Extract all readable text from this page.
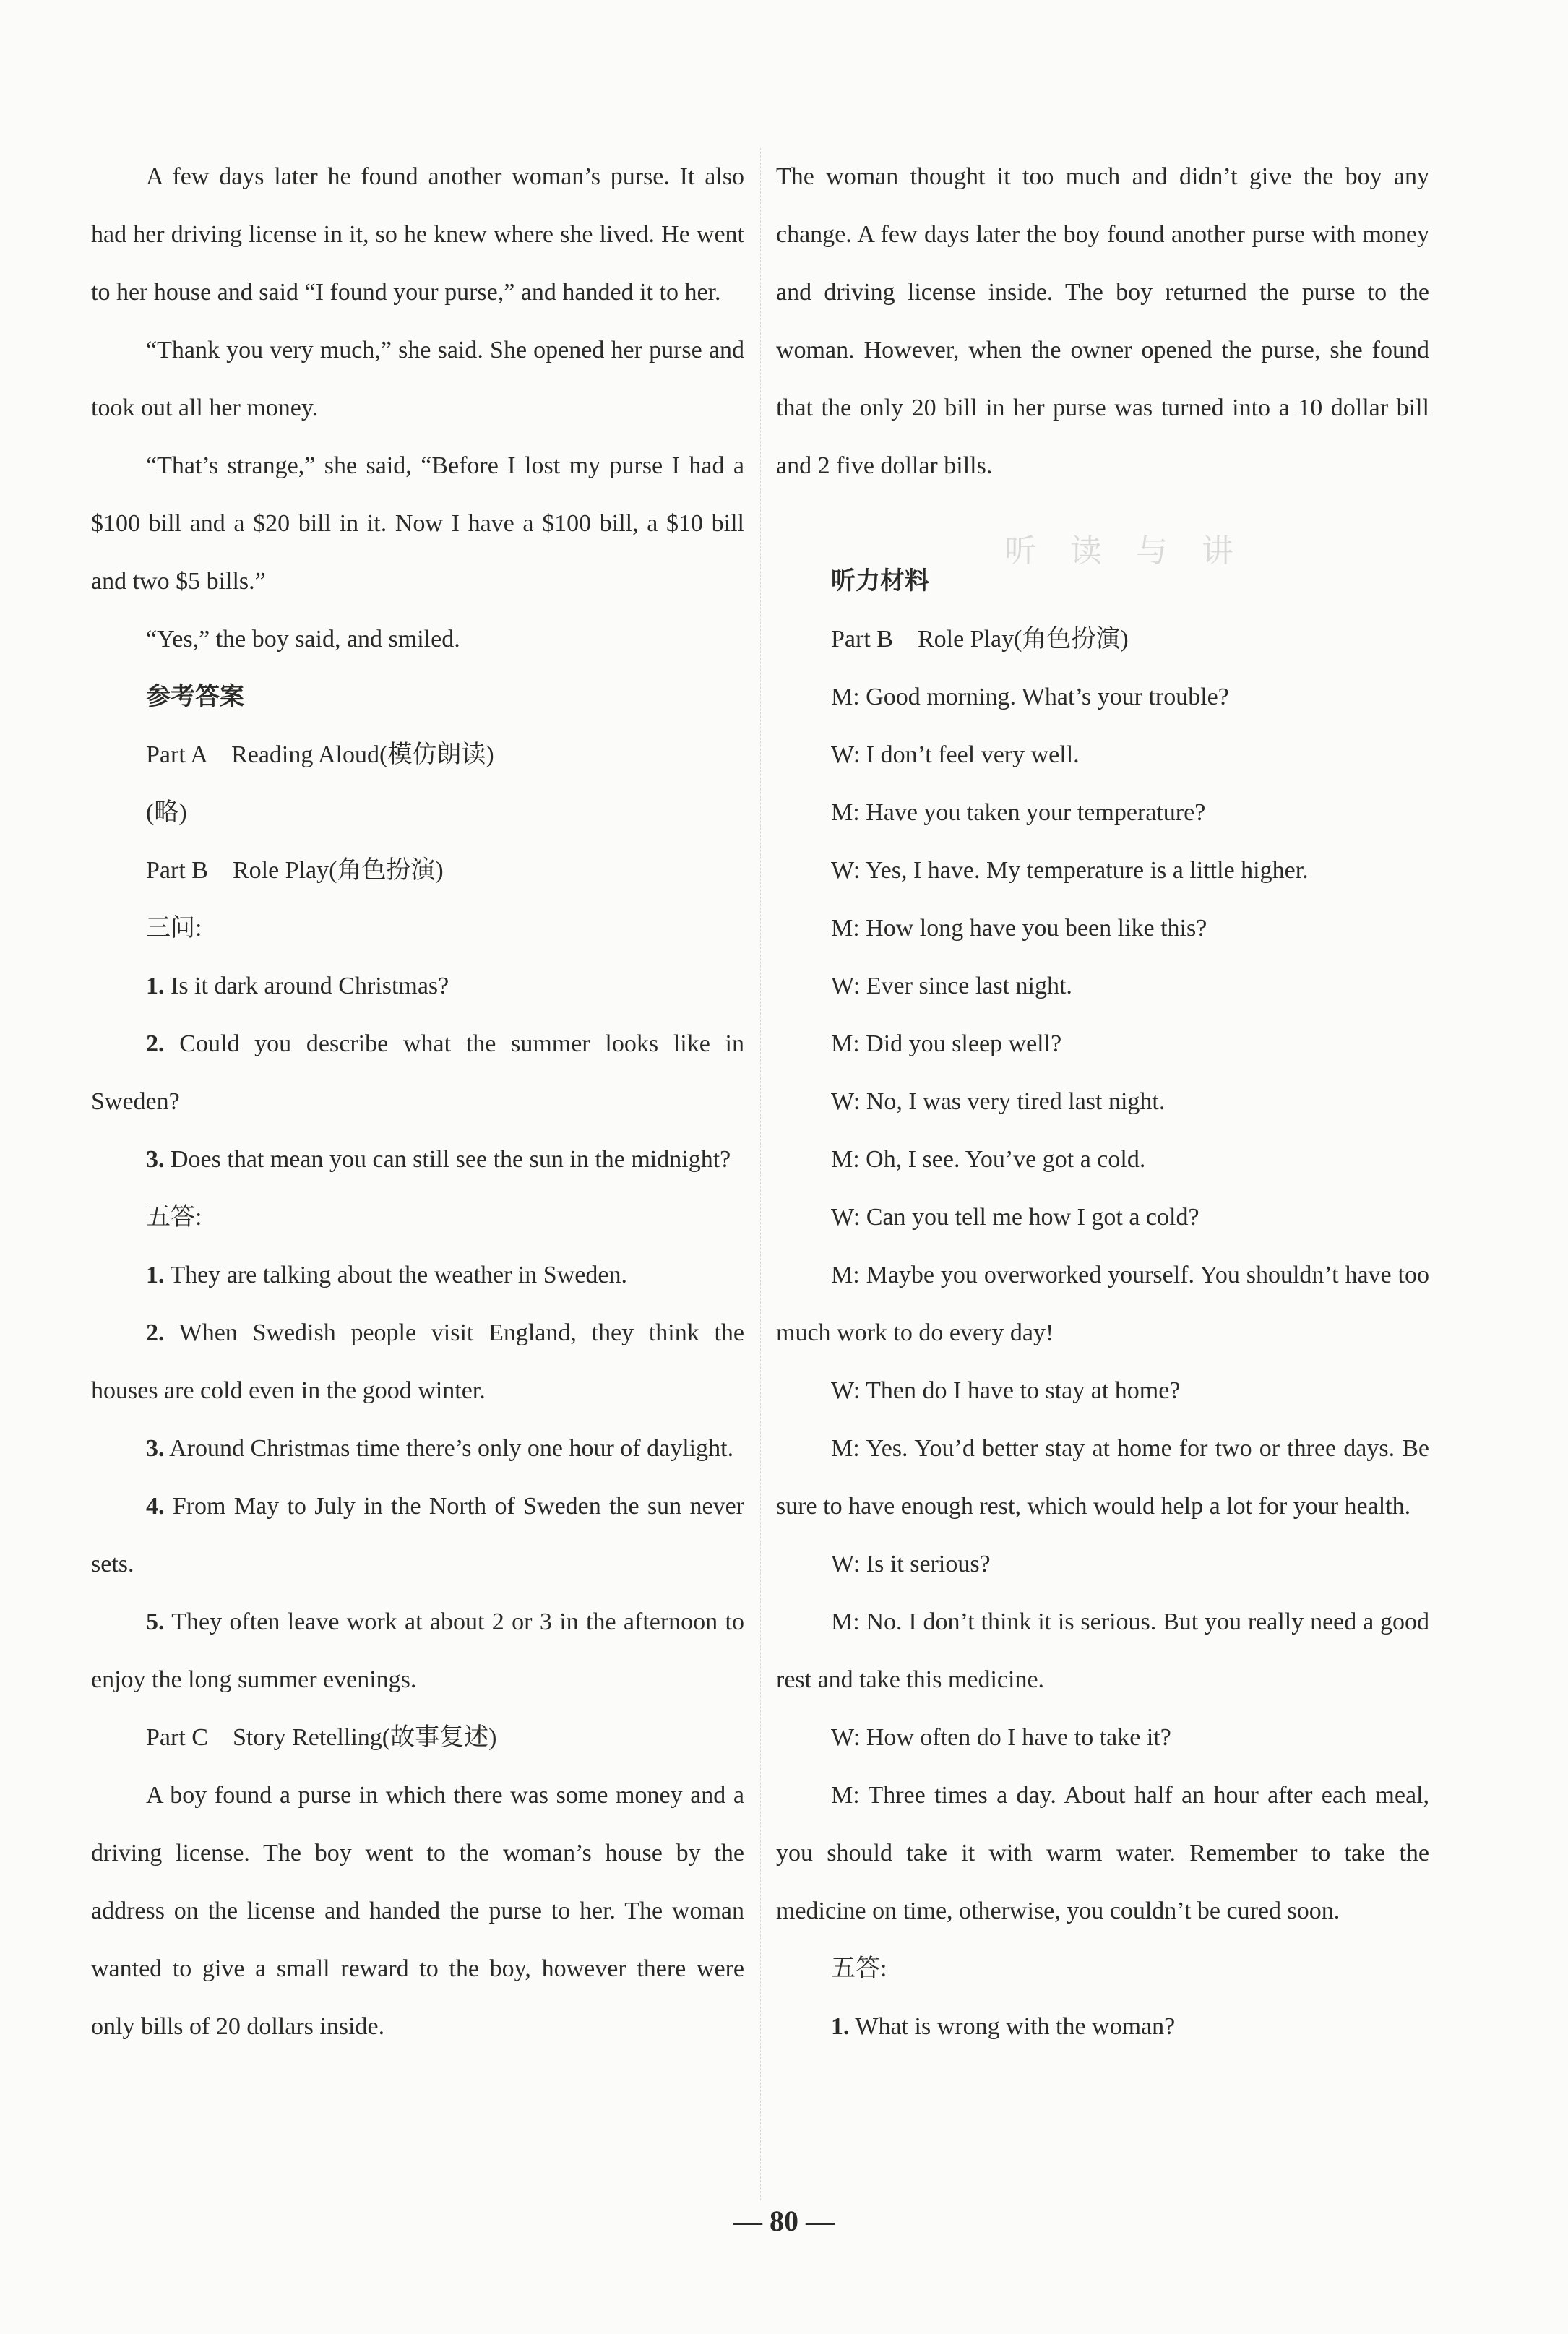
A few days later he found another woman’s purse. It also had her driving license in it, so he knew where she lived. He went to her house and said “I found your purse,” and handed it to her.

“Thank you very much,” she said. She opened her purse and took out all her money.

“That’s strange,” she said, “Before I lost my purse I had a $100 bill and a $20 bill in it. Now I have a $100 bill, a $10 bill and two $5 bills.”

“Yes,” the boy said, and smiled.

参考答案

Part A　Reading Aloud(模仿朗读)

(略)

Part B　Role Play(角色扮演)

三问:

1. Is it dark around Christmas?

2. Could you describe what the summer looks like in Sweden?

3. Does that mean you can still see the sun in the midnight?

五答:

1. They are talking about the weather in Sweden.

2. When Swedish people visit England, they think the houses are cold even in the good winter.

3. Around Christmas time there’s only one hour of daylight.

4. From May to July in the North of Sweden the sun never sets.

5. They often leave work at about 2 or 3 in the afternoon to enjoy the long summer evenings.

Part C　Story Retelling(故事复述)

A boy found a purse in which there was some money and a driving license. The boy went to the woman’s house by the address on the license and handed the purse to her. The woman wanted to give a small reward to the boy, however there were only bills of 20 dollars inside.

The woman thought it too much and didn’t give the boy any change. A few days later the boy found another purse with money and driving license inside. The boy returned the purse to the woman. However, when the owner opened the purse, she found that the only 20 bill in her purse was turned into a 10 dollar bill and 2 five dollar bills.

听力材料

Part B　Role Play(角色扮演)

M: Good morning. What’s your trouble?

W: I don’t feel very well.

M: Have you taken your temperature?

W: Yes, I have. My temperature is a little higher.

M: How long have you been like this?

W: Ever since last night.

M: Did you sleep well?

W: No, I was very tired last night.

M: Oh, I see. You’ve got a cold.

W: Can you tell me how I got a cold?

M: Maybe you overworked yourself. You shouldn’t have too much work to do every day!

W: Then do I have to stay at home?

M: Yes. You’d better stay at home for two or three days. Be sure to have enough rest, which would help a lot for your health.

W: Is it serious?

M: No. I don’t think it is serious. But you really need a good rest and take this medicine.

W: How often do I have to take it?

M: Three times a day. About half an hour after each meal, you should take it with warm water. Remember to take the medicine on time, otherwise, you couldn’t be cured soon.

五答:

1. What is wrong with the woman?

听 读 与 讲
— 80 —
